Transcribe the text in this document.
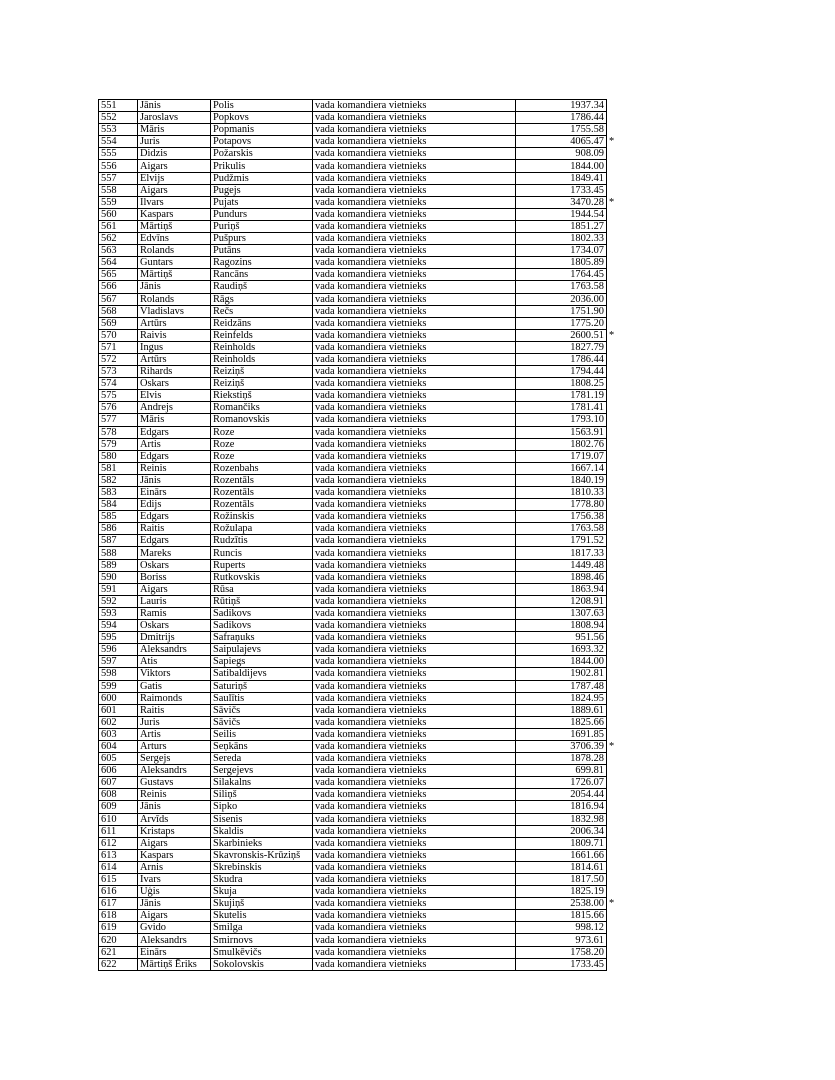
551	Jānis	Polis	vada komandiera vietnieks	1937.34	
552	Jaroslavs	Popkovs	vada komandiera vietnieks	1786.44	
553	Māris	Popmanis	vada komandiera vietnieks	1755.58	
554	Juris	Potapovs	vada komandiera vietnieks	4065.47	*
555	Didzis	Požarskis	vada komandiera vietnieks	908.09	
556	Aigars	Prikulis	vada komandiera vietnieks	1844.00	
557	Elvijs	Pudžmis	vada komandiera vietnieks	1849.41	
558	Aigars	Pugejs	vada komandiera vietnieks	1733.45	
559	Ilvars	Pujats	vada komandiera vietnieks	3470.28	*
560	Kaspars	Pundurs	vada komandiera vietnieks	1944.54	
561	Mārtiņš	Puriņš	vada komandiera vietnieks	1851.27	
562	Edvīns	Pušpurs	vada komandiera vietnieks	1802.33	
563	Rolands	Putāns	vada komandiera vietnieks	1734.07	
564	Guntars	Ragozins	vada komandiera vietnieks	1805.89	
565	Mārtiņš	Rancāns	vada komandiera vietnieks	1764.45	
566	Jānis	Raudiņš	vada komandiera vietnieks	1763.58	
567	Rolands	Rāgs	vada komandiera vietnieks	2036.00	
568	Vladislavs	Rečs	vada komandiera vietnieks	1751.90	
569	Artūrs	Reidzāns	vada komandiera vietnieks	1775.20	
570	Raivis	Reinfelds	vada komandiera vietnieks	2600.51	*
571	Ingus	Reinholds	vada komandiera vietnieks	1827.79	
572	Artūrs	Reinholds	vada komandiera vietnieks	1786.44	
573	Rihards	Reiziņš	vada komandiera vietnieks	1794.44	
574	Oskars	Reiziņš	vada komandiera vietnieks	1808.25	
575	Elvis	Riekstiņš	vada komandiera vietnieks	1781.19	
576	Andrejs	Romančiks	vada komandiera vietnieks	1781.41	
577	Māris	Romanovskis	vada komandiera vietnieks	1793.10	
578	Edgars	Roze	vada komandiera vietnieks	1563.91	
579	Artis	Roze	vada komandiera vietnieks	1802.76	
580	Edgars	Roze	vada komandiera vietnieks	1719.07	
581	Reinis	Rozenbahs	vada komandiera vietnieks	1667.14	
582	Jānis	Rozentāls	vada komandiera vietnieks	1840.19	
583	Einārs	Rozentāls	vada komandiera vietnieks	1810.33	
584	Edijs	Rozentāls	vada komandiera vietnieks	1778.80	
585	Edgars	Rožinskis	vada komandiera vietnieks	1756.38	
586	Raitis	Rožulapa	vada komandiera vietnieks	1763.58	
587	Edgars	Rudzītis	vada komandiera vietnieks	1791.52	
588	Mareks	Runcis	vada komandiera vietnieks	1817.33	
589	Oskars	Ruperts	vada komandiera vietnieks	1449.48	
590	Boriss	Rutkovskis	vada komandiera vietnieks	1898.46	
591	Aigars	Rūsa	vada komandiera vietnieks	1863.94	
592	Lauris	Rūtiņš	vada komandiera vietnieks	1208.91	
593	Ramis	Sadikovs	vada komandiera vietnieks	1307.63	
594	Oskars	Sadikovs	vada komandiera vietnieks	1808.94	
595	Dmitrijs	Safraņuks	vada komandiera vietnieks	951.56	
596	Aleksandrs	Saipulajevs	vada komandiera vietnieks	1693.32	
597	Atis	Sapiegs	vada komandiera vietnieks	1844.00	
598	Viktors	Satibaldijevs	vada komandiera vietnieks	1902.81	
599	Gatis	Saturiņš	vada komandiera vietnieks	1787.48	
600	Raimonds	Saulītis	vada komandiera vietnieks	1824.95	
601	Raitis	Sāvičs	vada komandiera vietnieks	1889.61	
602	Juris	Sāvičs	vada komandiera vietnieks	1825.66	
603	Artis	Seilis	vada komandiera vietnieks	1691.85	
604	Arturs	Seņkāns	vada komandiera vietnieks	3706.39	*
605	Sergejs	Sereda	vada komandiera vietnieks	1878.28	
606	Aleksandrs	Sergejevs	vada komandiera vietnieks	699.81	
607	Gustavs	Silakalns	vada komandiera vietnieks	1726.07	
608	Reinis	Siliņš	vada komandiera vietnieks	2054.44	
609	Jānis	Sipko	vada komandiera vietnieks	1816.94	
610	Arvīds	Sisenis	vada komandiera vietnieks	1832.98	
611	Kristaps	Skaldis	vada komandiera vietnieks	2006.34	
612	Aigars	Skarbinieks	vada komandiera vietnieks	1809.71	
613	Kaspars	Skavronskis-Krūziņš	vada komandiera vietnieks	1661.66	
614	Arnis	Skrebinskis	vada komandiera vietnieks	1814.61	
615	Ivars	Skudra	vada komandiera vietnieks	1817.50	
616	Uģis	Skuja	vada komandiera vietnieks	1825.19	
617	Jānis	Skujiņš	vada komandiera vietnieks	2538.00	*
618	Aigars	Skutelis	vada komandiera vietnieks	1815.66	
619	Gvido	Smilga	vada komandiera vietnieks	998.12	
620	Aleksandrs	Smirnovs	vada komandiera vietnieks	973.61	
621	Einārs	Smulkēvičs	vada komandiera vietnieks	1758.20	
622	Mārtiņš Ēriks	Sokolovskis	vada komandiera vietnieks	1733.45	
